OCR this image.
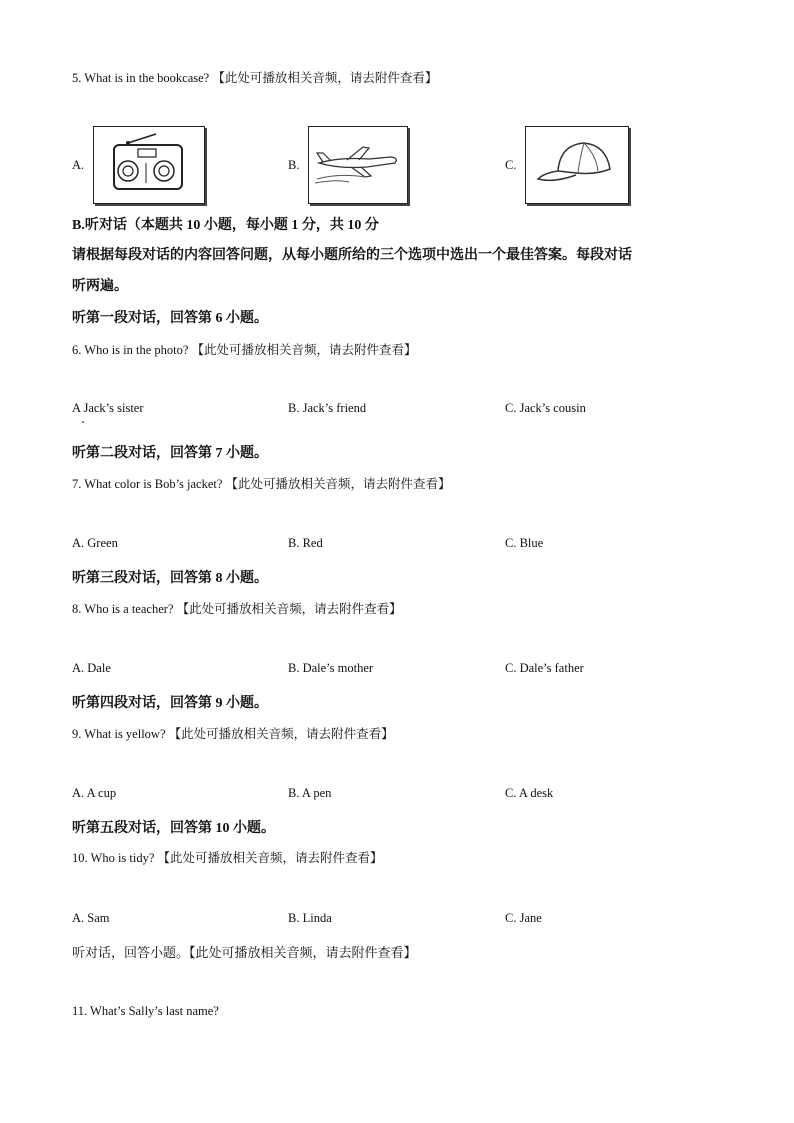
5. What is in the bookcase? 【此处可播放相关音频，请去附件查看】
A.	B.	C.
B.听对话（本题共 10 小题，每小题 1 分，共 10 分
请根据每段对话的内容回答问题，从每小题所给的三个选项中选出一个最佳答案。每段对话
听两遍。
听第一段对话，回答第 6 小题。
6. Who is in the photo? 【此处可播放相关音频，请去附件查看】
A Jack’s sister	B. Jack’s friend	C. Jack’s cousin
听第二段对话，回答第 7 小题。
7. What color is Bob’s jacket? 【此处可播放相关音频，请去附件查看】
A. Green	B. Red	C. Blue
听第三段对话，回答第 8 小题。
8. Who is a teacher? 【此处可播放相关音频，请去附件查看】
A. Dale	B. Dale’s mother	C. Dale’s father
听第四段对话，回答第 9 小题。
9. What is yellow? 【此处可播放相关音频，请去附件查看】
A. A cup	B. A pen	C. A desk
听第五段对话，回答第 10 小题。
10. Who is tidy? 【此处可播放相关音频，请去附件查看】
A. Sam	B. Linda	C. Jane
听对话，回答小题。【此处可播放相关音频，请去附件查看】
11. What’s Sally’s last name?
